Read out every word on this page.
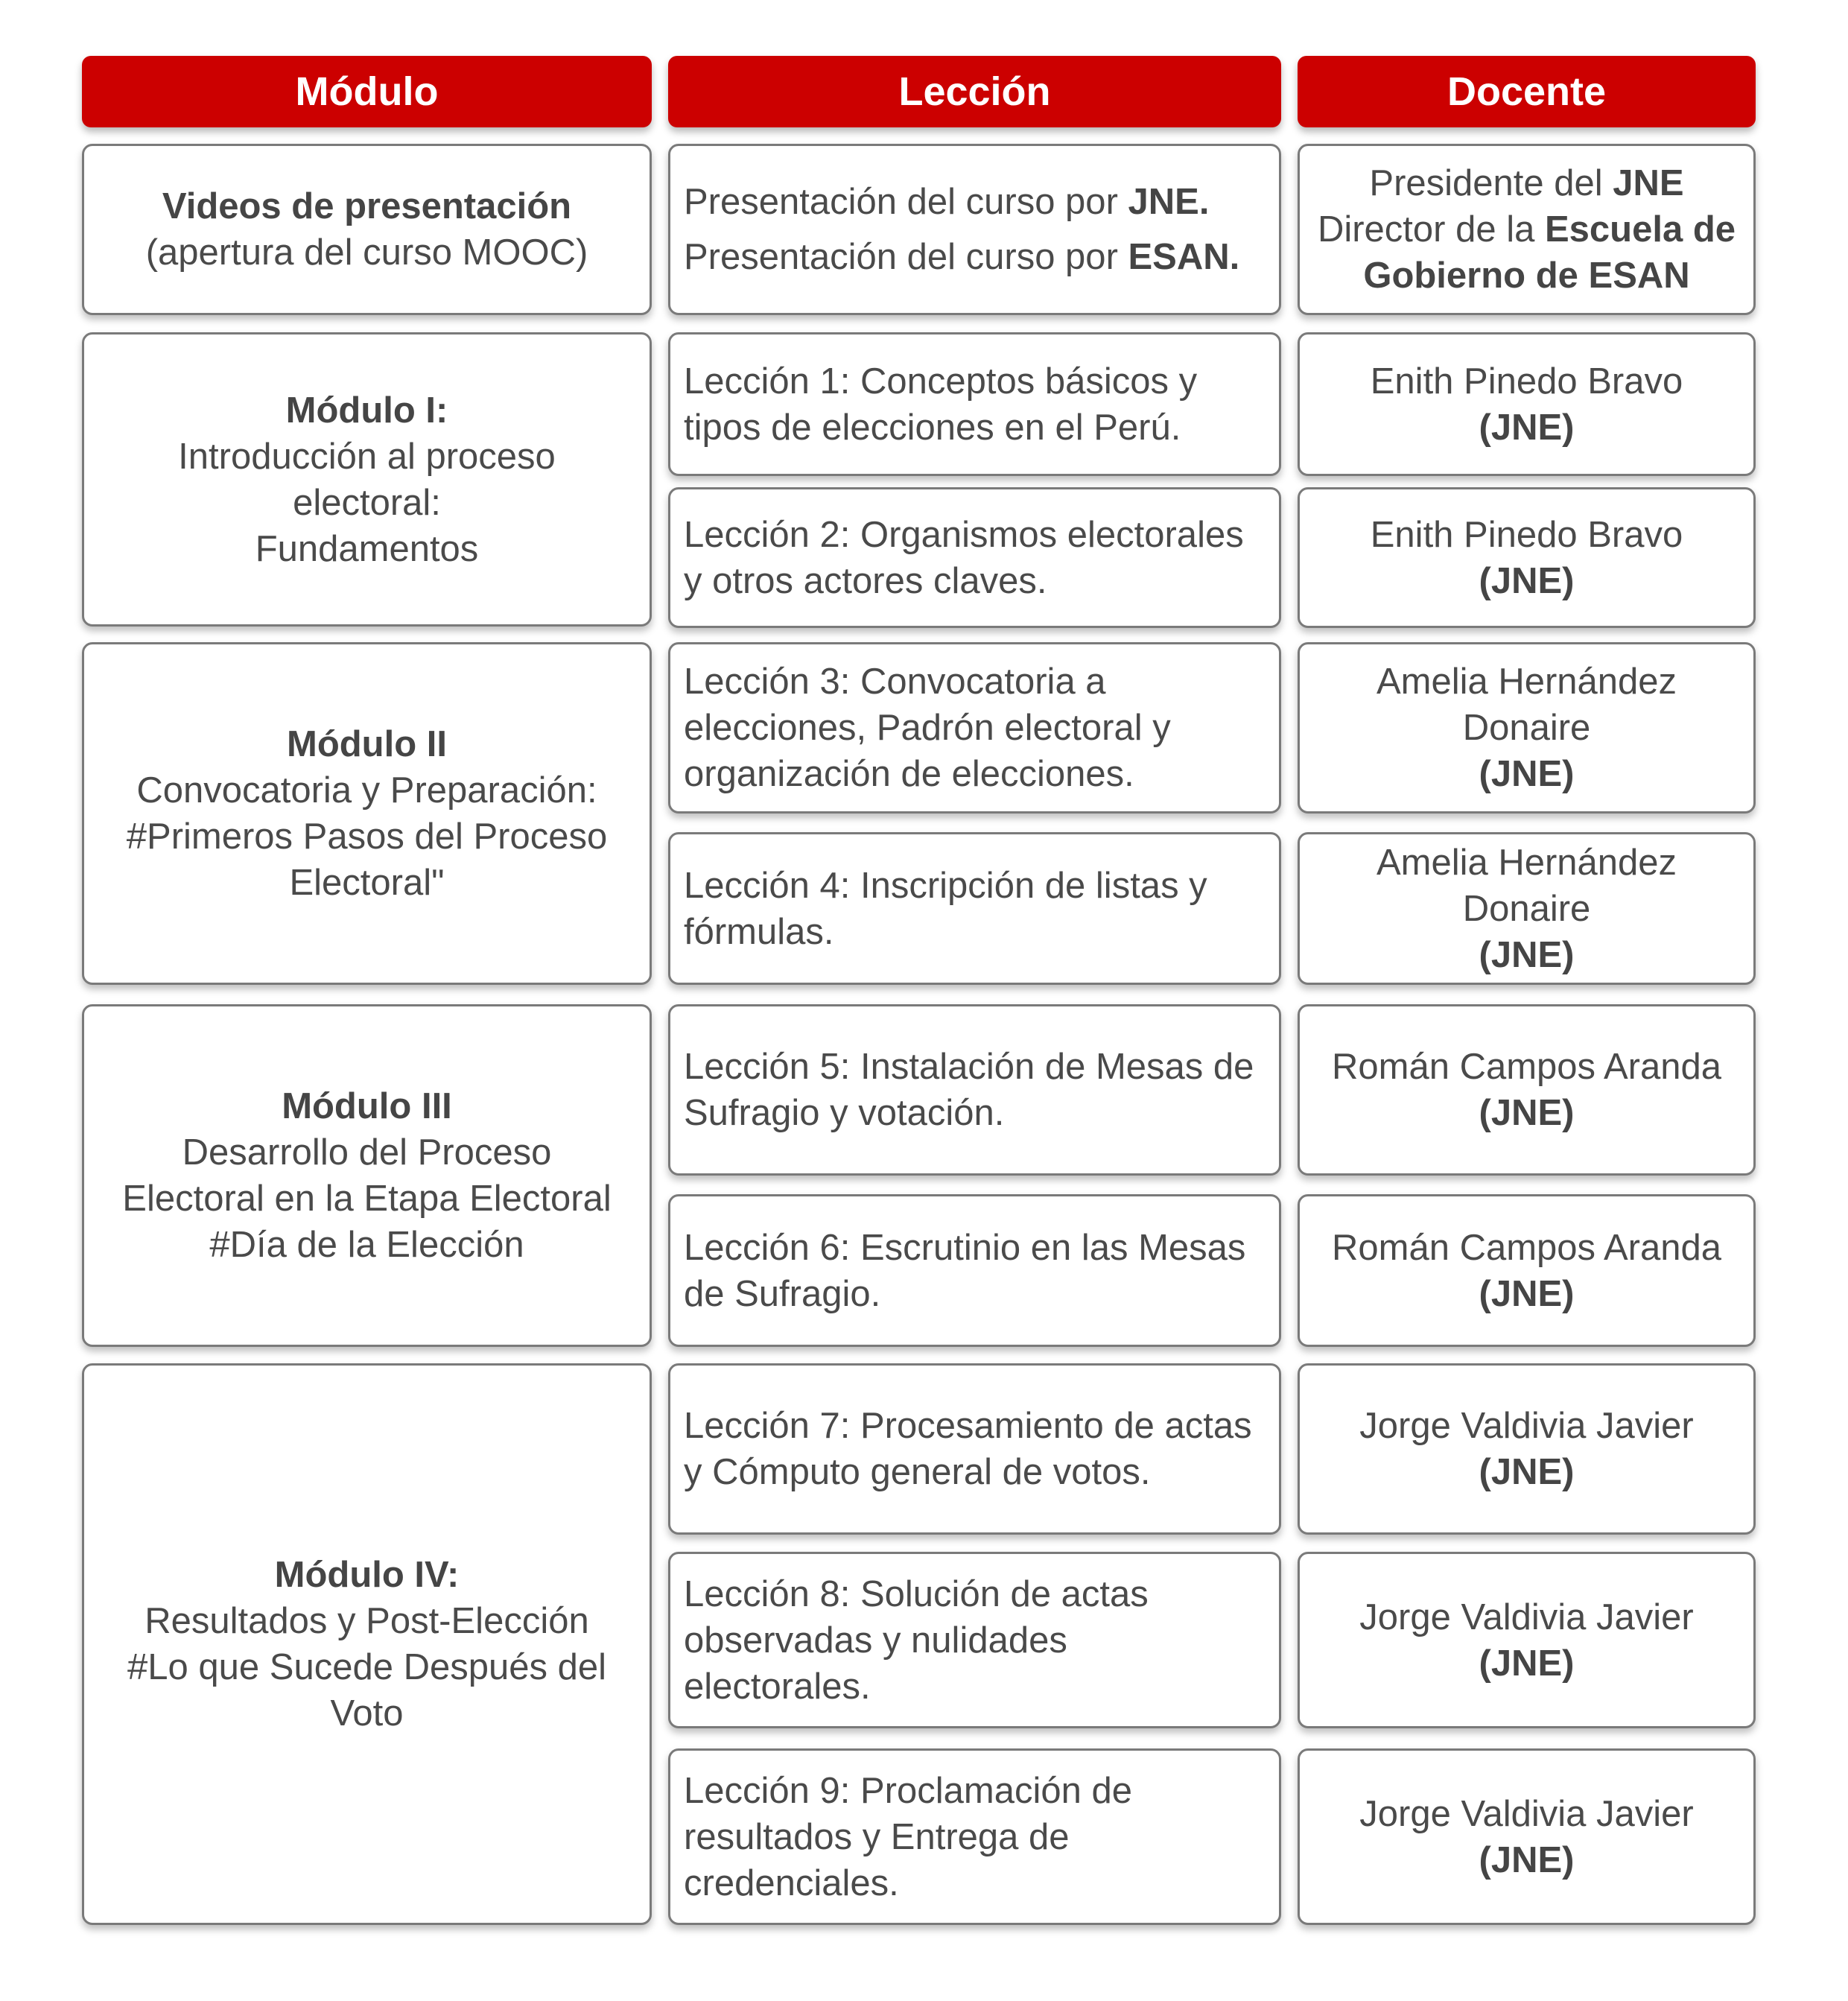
Módulo	Lección	Docente
Videos de presentación
(apertura del curso MOOC)
Presentación del curso por JNE.
Presentación del curso por ESAN.
Presidente del JNE
Director de la Escuela de
Gobierno de ESAN
Módulo I:
Introducción al proceso
electoral:
Fundamentos
Módulo II
Convocatoria y Preparación:
#Primeros Pasos del Proceso
Electoral"
Módulo III
Desarrollo del Proceso
Electoral en la Etapa Electoral
#Día de la Elección
Módulo IV:
Resultados y Post-Elección
#Lo que Sucede Después del
Voto
Lección 1: Conceptos básicos y
tipos de elecciones en el Perú.
Enith Pinedo Bravo
(JNE)
Lección 2: Organismos electorales
y otros actores claves.
Enith Pinedo Bravo
(JNE)
Lección 3: Convocatoria a
elecciones, Padrón electoral y
organización de elecciones.
Amelia Hernández
Donaire
(JNE)
Lección 4: Inscripción de listas y
fórmulas.
Amelia Hernández
Donaire
(JNE)
Lección 5: Instalación de Mesas de
Sufragio y votación.
Román Campos Aranda
(JNE)
Lección 6: Escrutinio en las Mesas
de Sufragio.
Román Campos Aranda
(JNE)
Lección 7: Procesamiento de actas
y Cómputo general de votos.
Jorge Valdivia Javier
(JNE)
Lección 8: Solución de actas
observadas y nulidades
electorales.
Jorge Valdivia Javier
(JNE)
Lección 9: Proclamación de
resultados y Entrega de
credenciales.
Jorge Valdivia Javier
(JNE)
